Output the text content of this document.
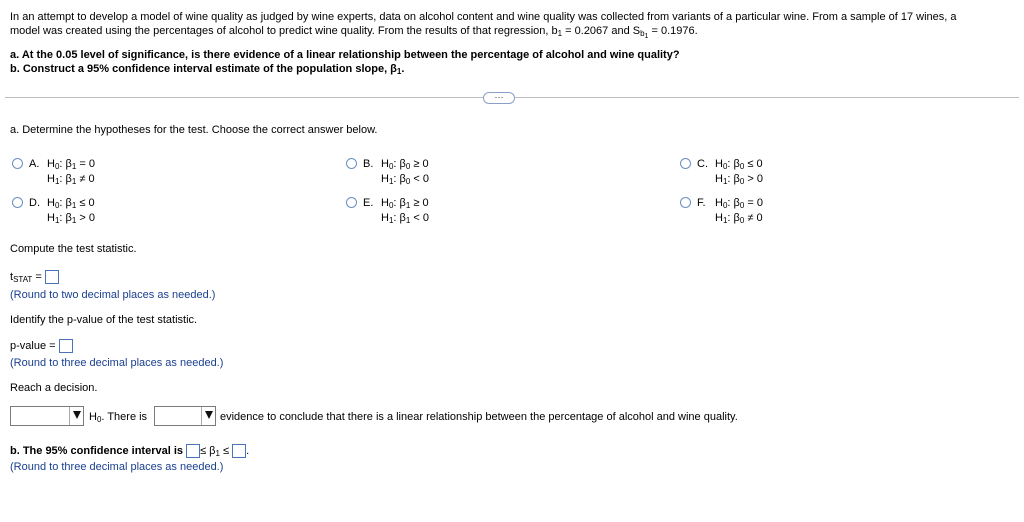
In an attempt to develop a model of wine quality as judged by wine experts, data on alcohol content and wine quality was collected from variants of a particular wine. From a sample of 17 wines, a
model was created using the percentages of alcohol to predict wine quality. From the results of that regression, $b_1 = 0.2067$ and $S_{b1} = 0.1976$.
a. At the 0.05 level of significance, is there evidence of a linear relationship between the percentage of alcohol and wine quality?
b. Construct a 95% confidence interval estimate of the population slope, $\beta_1$.
⋯
a. Determine the hypotheses for the test. Choose the correct answer below.
A. $H_0$: $\beta_1 = 0$
$H_1$: $\beta_1 \ne 0$
B. $H_0$: $\beta_0 \ge 0$
$H_1$: $\beta_0 < 0$
C. $H_0$: $\beta_0 \le 0$
$H_1$: $\beta_0 > 0$
D. $H_0$: $\beta_1 \le 0$
$H_1$: $\beta_1 > 0$
E. $H_0$: $\beta_1 \ge 0$
$H_1$: $\beta_1 < 0$
F. $H_0$: $\beta_0 = 0$
$H_1$: $\beta_0 \ne 0$
Compute the test statistic.
$t_{STAT}$ =
(Round to two decimal places as needed.)
Identify the p-value of the test statistic.
p-value =
(Round to three decimal places as needed.)
Reach a decision.
$H_0$. There is	evidence to conclude that there is a linear relationship between the percentage of alcohol and wine quality.
b. The 95% confidence interval is ≤ $\beta_1$ ≤ .
(Round to three decimal places as needed.)
